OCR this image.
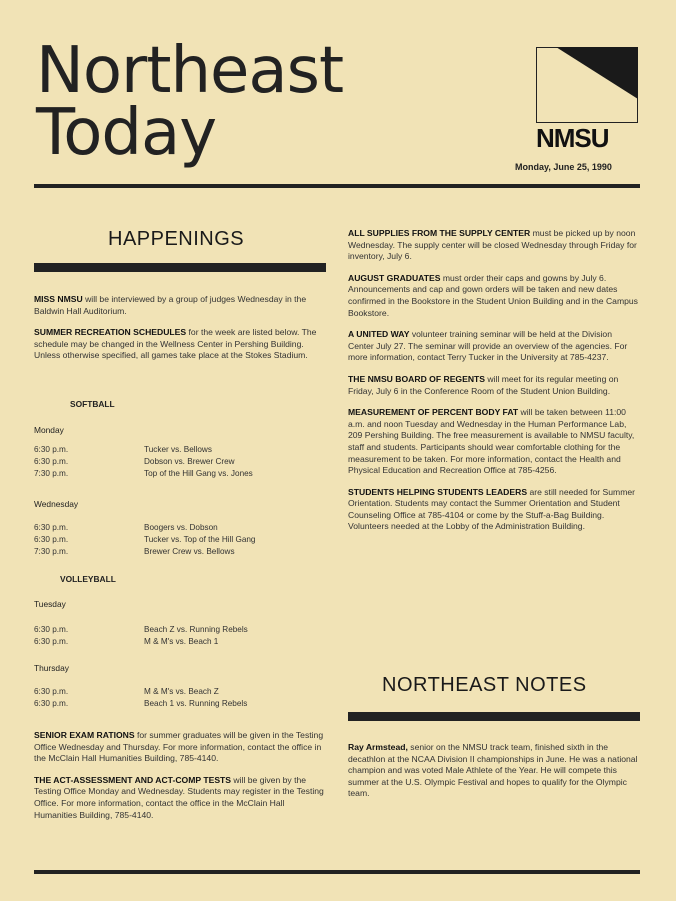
Northeast
Today	NMSU
Monday, June 25, 1990
HAPPENINGS

MISS NMSU will be interviewed by a group of judges Wednesday in the Baldwin Hall Auditorium.

SUMMER RECREATION SCHEDULES for the week are listed below. The schedule may be changed in the Wellness Center in Pershing Building. Unless otherwise specified, all games take place at the Stokes Stadium.

SOFTBALL
Monday
6:30 p.m.	Tucker vs. Bellows
6:30 p.m.	Dobson vs. Brewer Crew
7:30 p.m.	Top of the Hill Gang vs. Jones
Wednesday
6:30 p.m.	Boogers vs. Dobson
6:30 p.m.	Tucker vs. Top of the Hill Gang
7:30 p.m.	Brewer Crew vs. Bellows
VOLLEYBALL
Tuesday
6:30 p.m.	Beach Z vs. Running Rebels
6:30 p.m.	M & M's vs. Beach 1
Thursday
6:30 p.m.	M & M's vs. Beach Z
6:30 p.m.	Beach 1 vs. Running Rebels

SENIOR EXAM RATIONS for summer graduates will be given in the Testing Office Wednesday and Thursday. For more information, contact the office in the McClain Hall Humanities Building, 785-4140.

THE ACT-ASSESSMENT AND ACT-COMP TESTS will be given by the Testing Office Monday and Wednesday. Students may register in the Testing Office. For more information, contact the office in the McClain Hall Humanities Building, 785-4140.

ALL SUPPLIES FROM THE SUPPLY CENTER must be picked up by noon Wednesday. The supply center will be closed Wednesday through Friday for inventory, July 6.

AUGUST GRADUATES must order their caps and gowns by July 6. Announcements and cap and gown orders will be taken and new dates confirmed in the Bookstore in the Student Union Building and in the Campus Bookstore.

A UNITED WAY volunteer training seminar will be held at the Division Center July 27. The seminar will provide an overview of the agencies. For more information, contact Terry Tucker in the University at 785-4237.

THE NMSU BOARD OF REGENTS will meet for its regular meeting on Friday, July 6 in the Conference Room of the Student Union Building.

MEASUREMENT OF PERCENT BODY FAT will be taken between 11:00 a.m. and noon Tuesday and Wednesday in the Human Performance Lab, 209 Pershing Building. The free measurement is available to NMSU faculty, staff and students. Participants should wear comfortable clothing for the measurement to be taken. For more information, contact the Health and Physical Education and Recreation Office at 785-4256.

STUDENTS HELPING STUDENTS LEADERS are still needed for Summer Orientation. Students may contact the Summer Orientation and Student Counseling Office at 785-4104 or come by the Stuff-a-Bag Building. Volunteers needed at the Lobby of the Administration Building.

NORTHEAST NOTES

Ray Armstead, senior on the NMSU track team, finished sixth in the decathlon at the NCAA Division II championships in June. He was a national champion and was voted Male Athlete of the Year. He will compete this summer at the U.S. Olympic Festival and hopes to qualify for the Olympic team.
